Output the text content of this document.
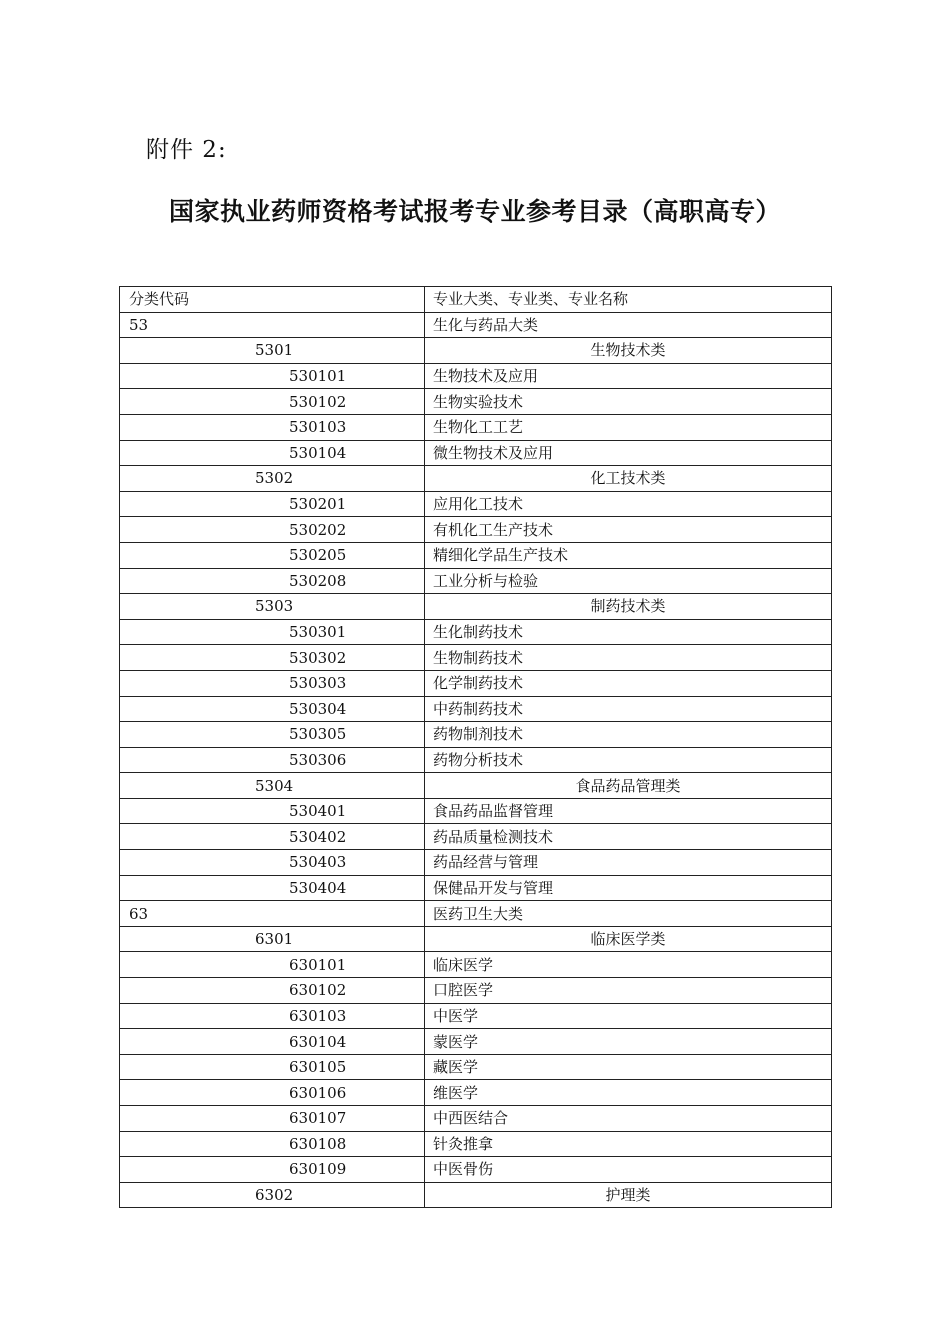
附件 2:
国家执业药师资格考试报考专业参考目录（高职高专）
分类代码	专业大类、专业类、专业名称
53	生化与药品大类
5301	生物技术类
530101	生物技术及应用
530102	生物实验技术
530103	生物化工工艺
530104	微生物技术及应用
5302	化工技术类
530201	应用化工技术
530202	有机化工生产技术
530205	精细化学品生产技术
530208	工业分析与检验
5303	制药技术类
530301	生化制药技术
530302	生物制药技术
530303	化学制药技术
530304	中药制药技术
530305	药物制剂技术
530306	药物分析技术
5304	食品药品管理类
530401	食品药品监督管理
530402	药品质量检测技术
530403	药品经营与管理
530404	保健品开发与管理
63	医药卫生大类
6301	临床医学类
630101	临床医学
630102	口腔医学
630103	中医学
630104	蒙医学
630105	藏医学
630106	维医学
630107	中西医结合
630108	针灸推拿
630109	中医骨伤
6302	护理类
